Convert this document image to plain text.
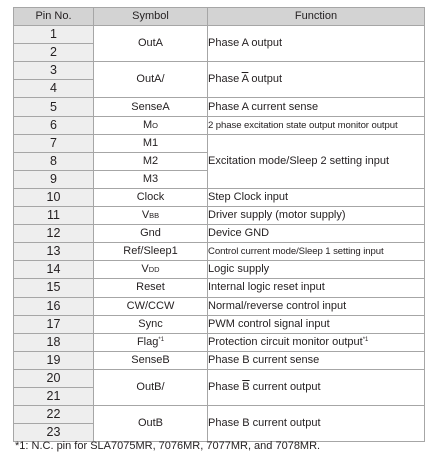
Pin No.	Symbol	Function
1	OutA	Phase A output
2		
3	OutA/	Phase $\overline{A}$ output
4		
5	SenseA	Phase A current sense
6	MO	2 phase excitation state output monitor output
7	M1	Excitation mode/Sleep 2 setting input
8	M2	
9	M3	
10	Clock	Step Clock input
11	VBB	Driver supply (motor supply)
12	Gnd	Device GND
13	Ref/Sleep1	Control current mode/Sleep 1 setting input
14	VDD	Logic supply
15	Reset	Internal logic reset input
16	CW/CCW	Normal/reverse control input
17	Sync	PWM control signal input
18	Flag$^{*1}$	Protection circuit monitor output$^{*1}$
19	SenseB	Phase B current sense
20	OutB/	Phase $\overline{B}$ current output
21		
22	OutB	Phase B current output
23		
*1: N.C. pin for SLA7075MR, 7076MR, 7077MR, and 7078MR.
